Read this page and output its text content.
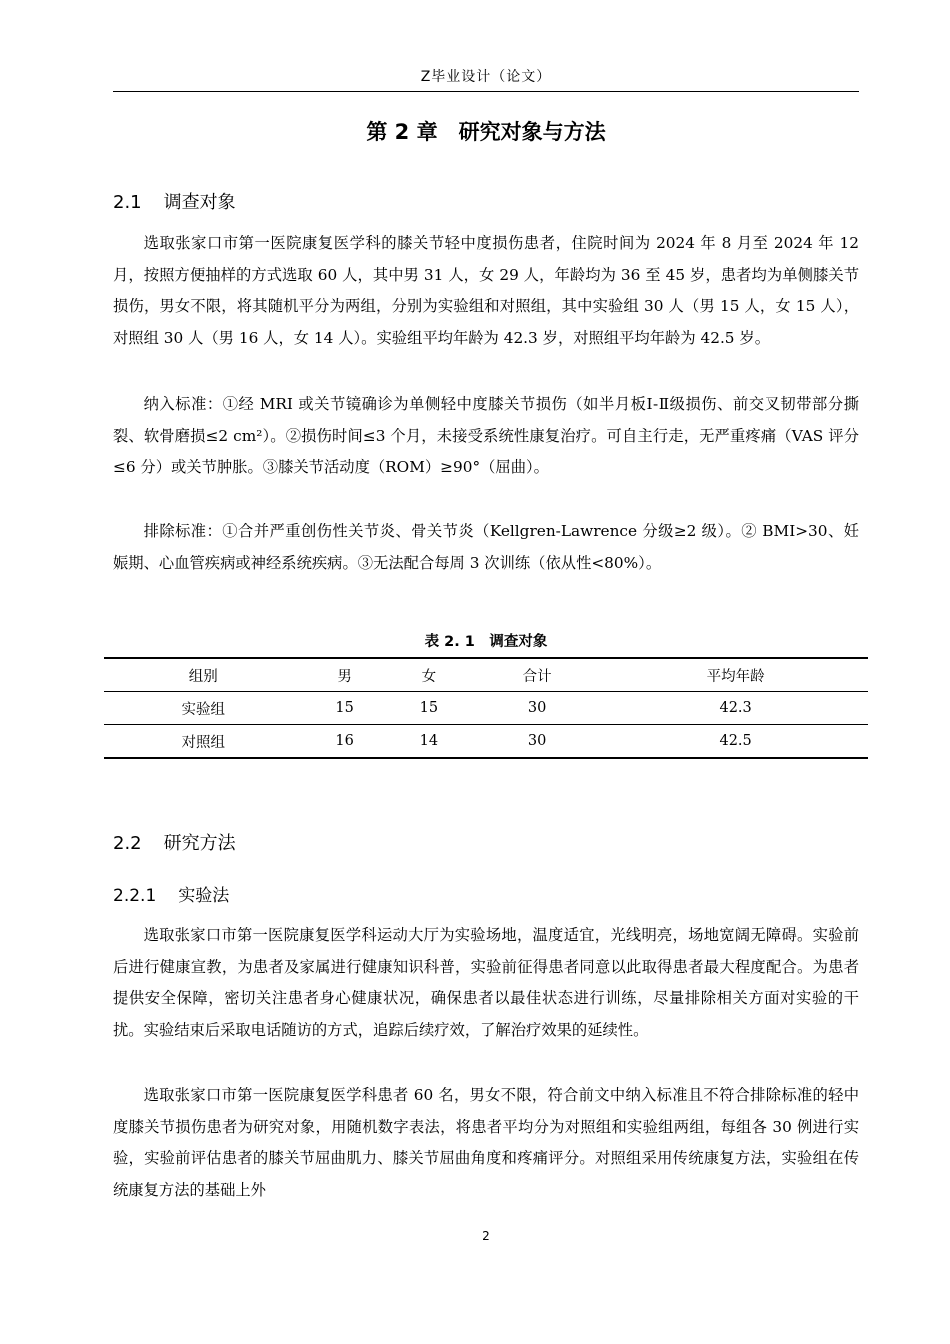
Z毕业设计（论文）
第 2 章　研究对象与方法
2.1 调查对象

选取张家口市第一医院康复医学科的膝关节轻中度损伤患者，住院时间为 2024 年 8 月至 2024 年 12 月，按照方便抽样的方式选取 60 人，其中男 31 人，女 29 人，年龄均为 36 至 45 岁，患者均为单侧膝关节损伤，男女不限，将其随机平分为两组，分别为实验组和对照组，其中实验组 30 人（男 15 人，女 15 人），对照组 30 人（男 16 人，女 14 人）。实验组平均年龄为 42.3 岁，对照组平均年龄为 42.5 岁。

纳入标准：①经 MRI 或关节镜确诊为单侧轻中度膝关节损伤（如半月板Ⅰ-Ⅱ级损伤、前交叉韧带部分撕裂、软骨磨损≤2 cm²）。②损伤时间≤3 个月，未接受系统性康复治疗。可自主行走，无严重疼痛（VAS 评分≤6 分）或关节肿胀。③膝关节活动度（ROM）≥90°（屈曲）。

排除标准：①合并严重创伤性关节炎、骨关节炎（Kellgren-Lawrence 分级≥2 级）。② BMI>30、妊娠期、心血管疾病或神经系统疾病。③无法配合每周 3 次训练（依从性<80%）。

表 2. 1　调查对象
组别	男	女	合计	平均年龄
实验组	15	15	30	42.3
对照组	16	14	30	42.5
2.2 研究方法
2.2.1 实验法

选取张家口市第一医院康复医学科运动大厅为实验场地，温度适宜，光线明亮，场地宽阔无障碍。实验前后进行健康宣教，为患者及家属进行健康知识科普，实验前征得患者同意以此取得患者最大程度配合。为患者提供安全保障，密切关注患者身心健康状况，确保患者以最佳状态进行训练，尽量排除相关方面对实验的干扰。实验结束后采取电话随访的方式，追踪后续疗效，了解治疗效果的延续性。

选取张家口市第一医院康复医学科患者 60 名，男女不限，符合前文中纳入标准且不符合排除标准的轻中度膝关节损伤患者为研究对象，用随机数字表法，将患者平均分为对照组和实验组两组，每组各 30 例进行实验，实验前评估患者的膝关节屈曲肌力、膝关节屈曲角度和疼痛评分。对照组采用传统康复方法，实验组在传统康复方法的基础上外

2
